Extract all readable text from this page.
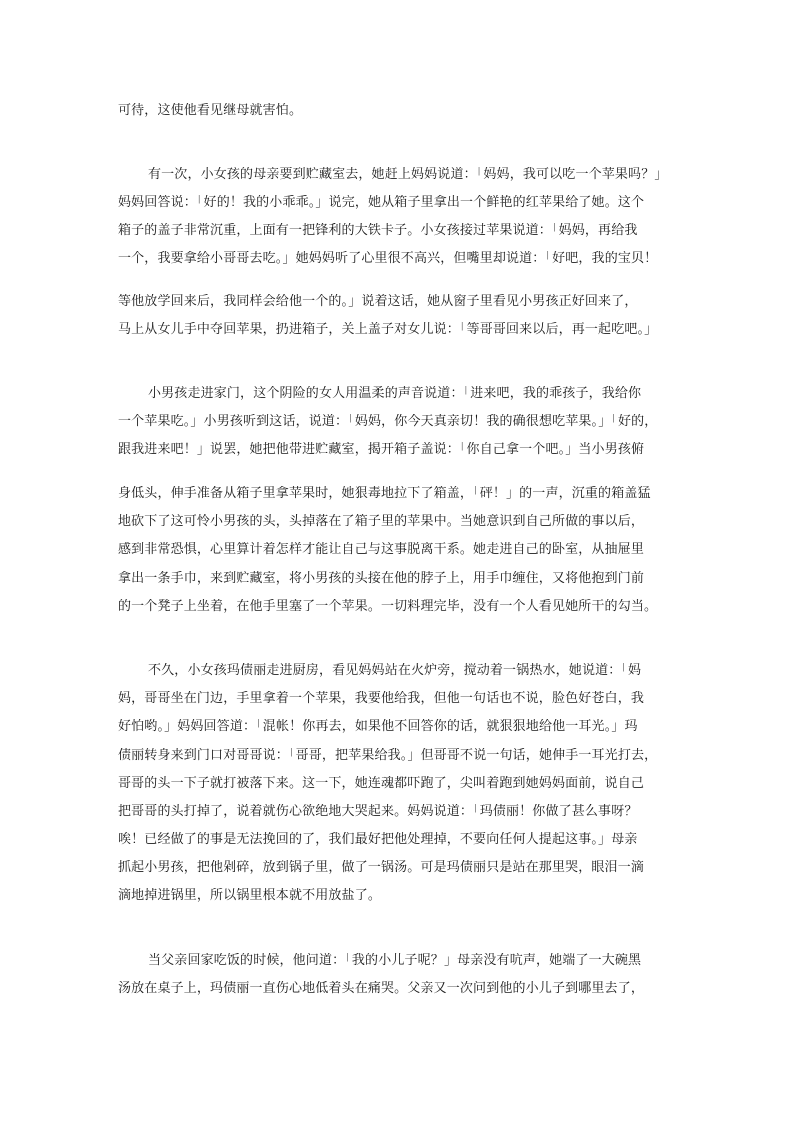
可待，这使他看见继母就害怕。
有一次，小女孩的母亲要到贮藏室去，她赶上妈妈说道：「妈妈，我可以吃一个苹果吗？」
妈妈回答说：「好的！我的小乖乖。」说完，她从箱子里拿出一个鲜艳的红苹果给了她。这个
箱子的盖子非常沉重，上面有一把锋利的大铁卡子。小女孩接过苹果说道：「妈妈，再给我
一个，我要拿给小哥哥去吃。」她妈妈听了心里很不高兴，但嘴里却说道：「好吧，我的宝贝！
等他放学回来后，我同样会给他一个的。」说着这话，她从窗子里看见小男孩正好回来了，
马上从女儿手中夺回苹果，扔进箱子，关上盖子对女儿说：「等哥哥回来以后，再一起吃吧。」
小男孩走进家门，这个阴险的女人用温柔的声音说道：「进来吧，我的乖孩子，我给你
一个苹果吃。」小男孩听到这话，说道：「妈妈，你今天真亲切！我的确很想吃苹果。」「好的，
跟我进来吧！」说罢，她把他带进贮藏室，揭开箱子盖说：「你自己拿一个吧。」当小男孩俯
身低头，伸手准备从箱子里拿苹果时，她狠毒地拉下了箱盖，「砰！」的一声，沉重的箱盖猛
地砍下了这可怜小男孩的头，头掉落在了箱子里的苹果中。当她意识到自己所做的事以后，
感到非常恐惧，心里算计着怎样才能让自己与这事脱离干系。她走进自己的卧室，从抽屉里
拿出一条手巾，来到贮藏室，将小男孩的头接在他的脖子上，用手巾缠住，又将他抱到门前
的一个凳子上坐着，在他手里塞了一个苹果。一切料理完毕，没有一个人看见她所干的勾当。
不久，小女孩玛债丽走进厨房，看见妈妈站在火炉旁，搅动着一锅热水，她说道：「妈
妈，哥哥坐在门边，手里拿着一个苹果，我要他给我，但他一句话也不说，脸色好苍白，我
好怕哟。」妈妈回答道：「混帐！你再去，如果他不回答你的话，就狠狠地给他一耳光。」玛
债丽转身来到门口对哥哥说：「哥哥，把苹果给我。」但哥哥不说一句话，她伸手一耳光打去，
哥哥的头一下子就打被落下来。这一下，她连魂都吓跑了，尖叫着跑到她妈妈面前，说自己
把哥哥的头打掉了，说着就伤心欲绝地大哭起来。妈妈说道：「玛债丽！你做了甚么事呀？
唉！已经做了的事是无法挽回的了，我们最好把他处理掉，不要向任何人提起这事。」母亲
抓起小男孩，把他剁碎，放到锅子里，做了一锅汤。可是玛债丽只是站在那里哭，眼泪一滴
滴地掉进锅里，所以锅里根本就不用放盐了。
当父亲回家吃饭的时候，他问道：「我的小儿子呢？」母亲没有吭声，她端了一大碗黑
汤放在桌子上，玛债丽一直伤心地低着头在痛哭。父亲又一次问到他的小儿子到哪里去了，
